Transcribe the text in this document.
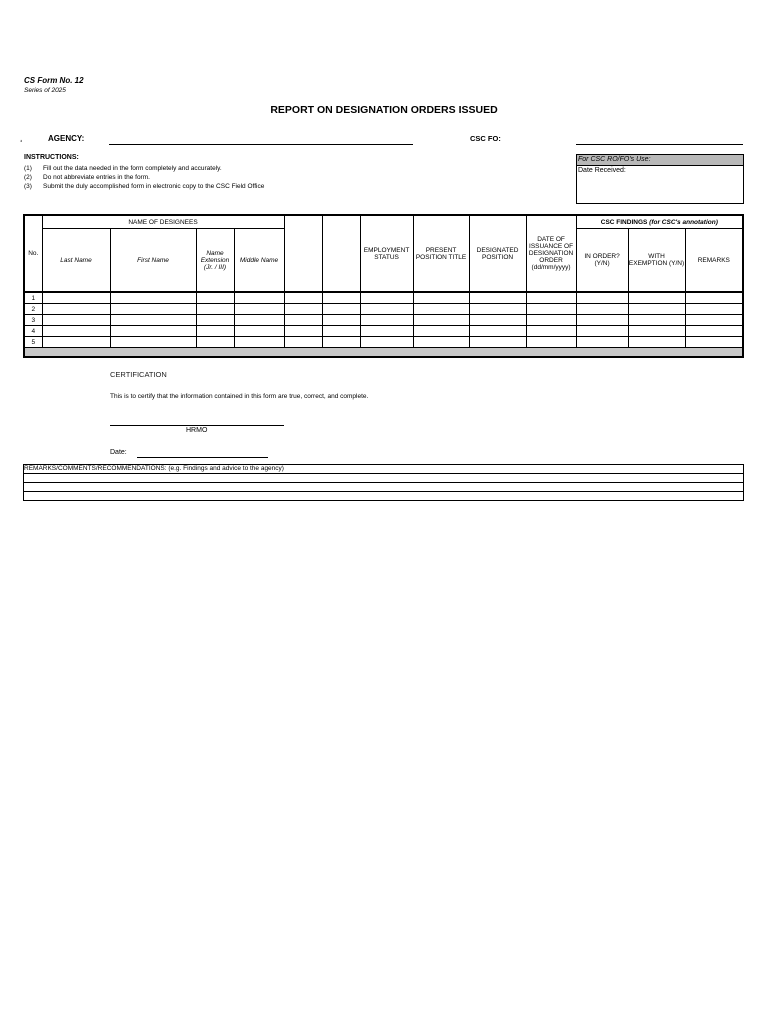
CS Form No. 12
Series of 2025
REPORT ON DESIGNATION ORDERS ISSUED
¸	AGENCY:	CSC FO:
INSTRUCTIONS:
(1) Fill out the data needed in the form completely and accurately.
(2) Do not abbreviate entries in the form.
(3) Submit the duly accomplished form in electronic copy to the CSC Field Office
For CSC RO/FO's Use:
Date Received:
No.	NAME OF DESIGNEES						EMPLOYMENT STATUS	PRESENT POSITION TITLE	DESIGNATED POSITION	DATE OF ISSUANCE OF DESIGNATION ORDER (dd/mm/yyyy)	CSC FINDINGS (for CSC's annotation)		
	Last Name	First Name	Name Extension (Jr. / III)	Middle Name							IN ORDER? (Y/N)	WITH EXEMPTION (Y/N)	REMARKS
1													
2													
3													
4													
5													

CERTIFICATION
This is to certify that the information contained in this form are true, correct, and complete.
HRMO
Date:
REMARKS/COMMENTS/RECOMMENDATIONS: (e.g. Findings and advice to the agency)
